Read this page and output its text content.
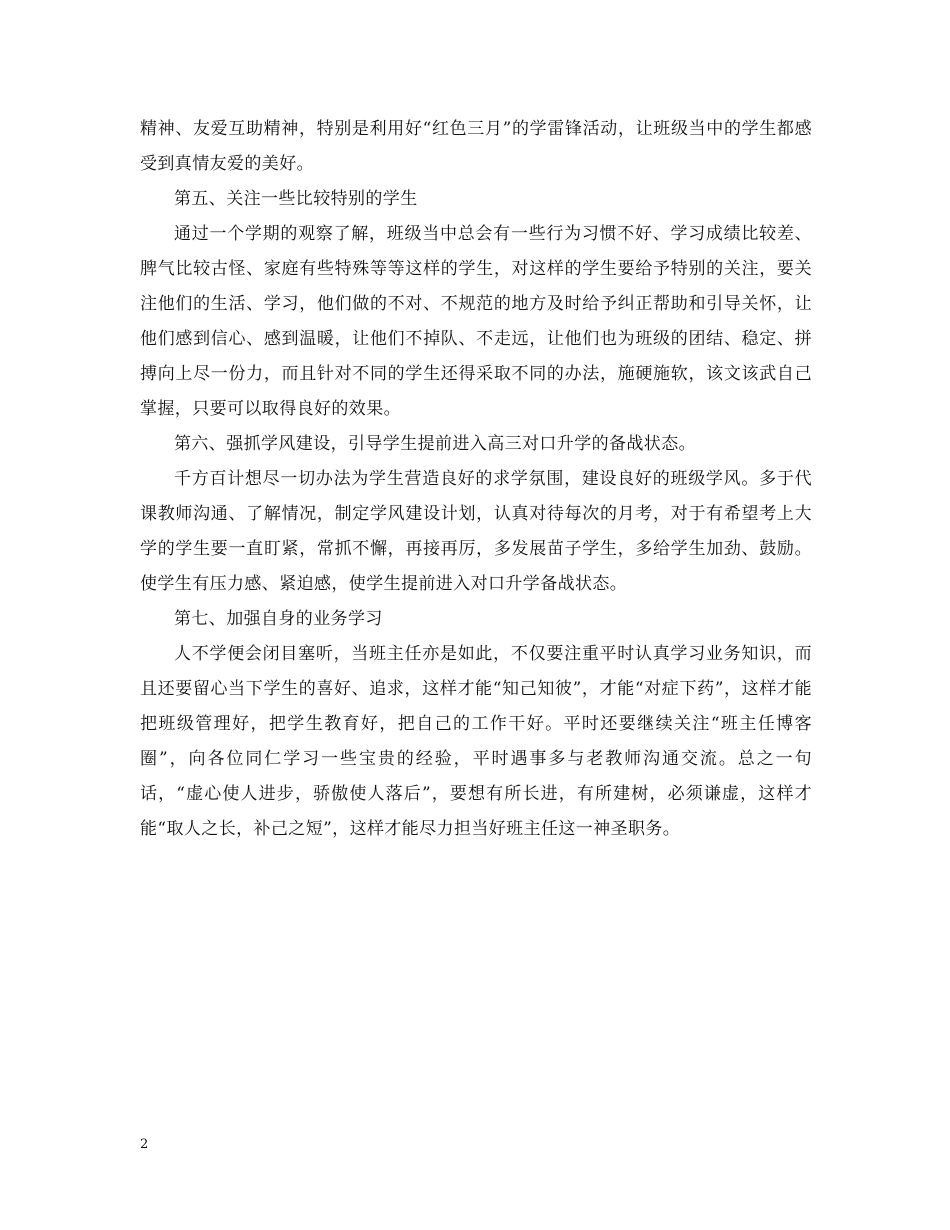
精神、友爱互助精神，特别是利用好“红色三月”的学雷锋活动，让班级当中的学生都感受到真情友爱的美好。

第五、关注一些比较特别的学生

通过一个学期的观察了解，班级当中总会有一些行为习惯不好、学习成绩比较差、脾气比较古怪、家庭有些特殊等等这样的学生，对这样的学生要给予特别的关注，要关注他们的生活、学习，他们做的不对、不规范的地方及时给予纠正帮助和引导关怀，让他们感到信心、感到温暖，让他们不掉队、不走远，让他们也为班级的团结、稳定、拼搏向上尽一份力，而且针对不同的学生还得采取不同的办法，施硬施软，该文该武自己掌握，只要可以取得良好的效果。

第六、强抓学风建设，引导学生提前进入高三对口升学的备战状态。

千方百计想尽一切办法为学生营造良好的求学氛围，建设良好的班级学风。多于代课教师沟通、了解情况，制定学风建设计划，认真对待每次的月考，对于有希望考上大学的学生要一直盯紧，常抓不懈，再接再厉，多发展苗子学生，多给学生加劲、鼓励。使学生有压力感、紧迫感，使学生提前进入对口升学备战状态。

第七、加强自身的业务学习

人不学便会闭目塞听，当班主任亦是如此，不仅要注重平时认真学习业务知识，而且还要留心当下学生的喜好、追求，这样才能“知己知彼”，才能“对症下药”，这样才能把班级管理好，把学生教育好，把自己的工作干好。平时还要继续关注“班主任博客圈”，向各位同仁学习一些宝贵的经验，平时遇事多与老教师沟通交流。总之一句话，“虚心使人进步，骄傲使人落后”，要想有所长进，有所建树，必须谦虚，这样才能“取人之长，补己之短”，这样才能尽力担当好班主任这一神圣职务。

2
